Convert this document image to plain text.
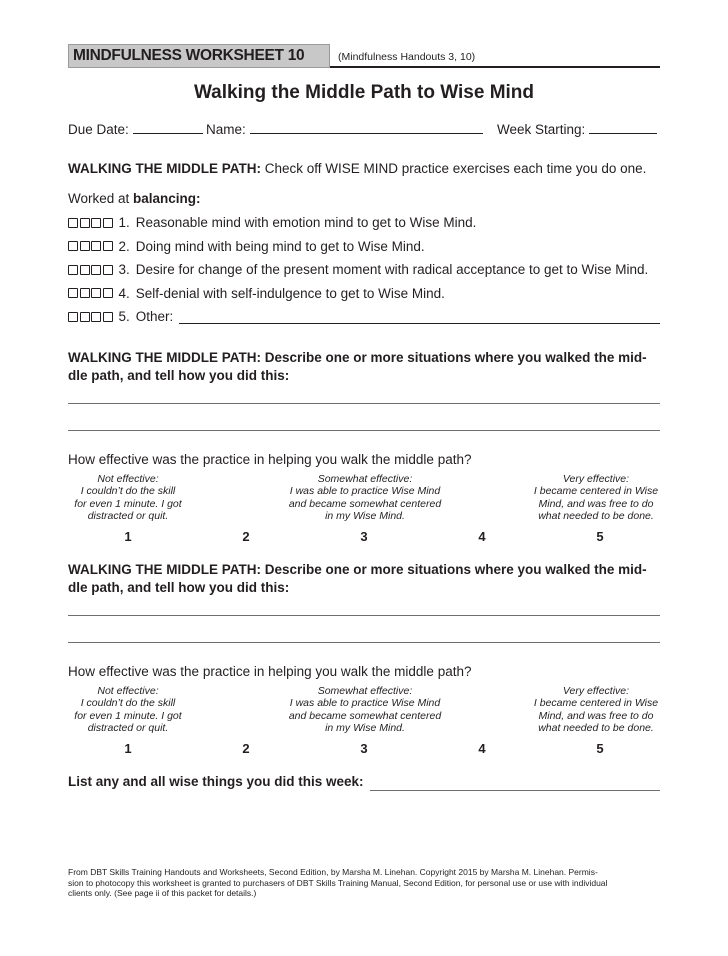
MINDFULNESS WORKSHEET 10	(Mindfulness Handouts 3, 10)
Walking the Middle Path to Wise Mind
Due Date:	Name:	Week Starting:
WALKING THE MIDDLE PATH: Check off WISE MIND practice exercises each time you do one.
Worked at balancing:
1. Reasonable mind with emotion mind to get to Wise Mind.
2. Doing mind with being mind to get to Wise Mind.
3. Desire for change of the present moment with radical acceptance to get to Wise Mind.
4. Self-denial with self-indulgence to get to Wise Mind.
5. Other:
WALKING THE MIDDLE PATH: Describe one or more situations where you walked the mid-
dle path, and tell how you did this:
How effective was the practice in helping you walk the middle path?
Not effective:
I couldn’t do the skill
for even 1 minute. I got
distracted or quit.
Somewhat effective:
I was able to practice Wise Mind
and became somewhat centered
in my Wise Mind.
Very effective:
I became centered in Wise
Mind, and was free to do
what needed to be done.
1	2	3	4	5
WALKING THE MIDDLE PATH: Describe one or more situations where you walked the mid-
dle path, and tell how you did this:
How effective was the practice in helping you walk the middle path?
Not effective:
I couldn’t do the skill
for even 1 minute. I got
distracted or quit.
Somewhat effective:
I was able to practice Wise Mind
and became somewhat centered
in my Wise Mind.
Very effective:
I became centered in Wise
Mind, and was free to do
what needed to be done.
1	2	3	4	5
List any and all wise things you did this week:
From DBT Skills Training Handouts and Worksheets, Second Edition, by Marsha M. Linehan. Copyright 2015 by Marsha M. Linehan. Permis-
sion to photocopy this worksheet is granted to purchasers of DBT Skills Training Manual, Second Edition, for personal use or use with individual
clients only. (See page ii of this packet for details.)
